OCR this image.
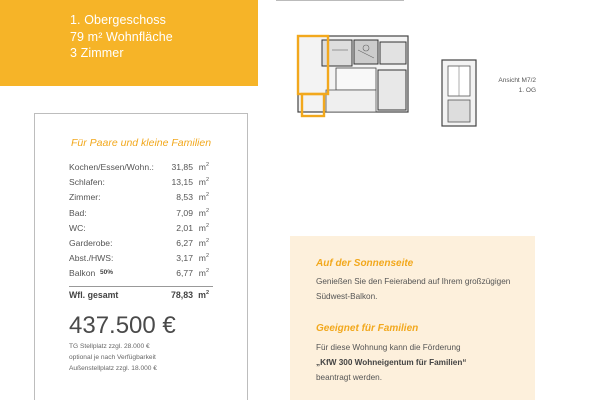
1. Obergeschoss
79 m² Wohnfläche
3 Zimmer
Ansicht M7/2
1. OG
Für Paare und kleine Familien
Kochen/Essen/Wohn.: 31,85 $m^2$
Schlafen:	13,15 $m^2$
Zimmer:	8,53 $m^2$
Bad:	7,09 $m^2$
WC:	2,01 $m^2$
Garderobe:	6,27 $m^2$
Abst./HWS:	3,17 $m^2$
Balkon 50%	6,77 $m^2$
Wfl. gesamt	78,83 $m^2$
437.500 €
TG Stellplatz zzgl. 28.000 €
optional je nach Verfügbarkeit
Außenstellplatz zzgl. 18.000 €
Auf der Sonnenseite
Genießen Sie den Feierabend auf Ihrem großzügigen Südwest-Balkon.
Geeignet für Familien
Für diese Wohnung kann die Förderung
„KfW 300 Wohneigentum für Familien“
beantragt werden.
